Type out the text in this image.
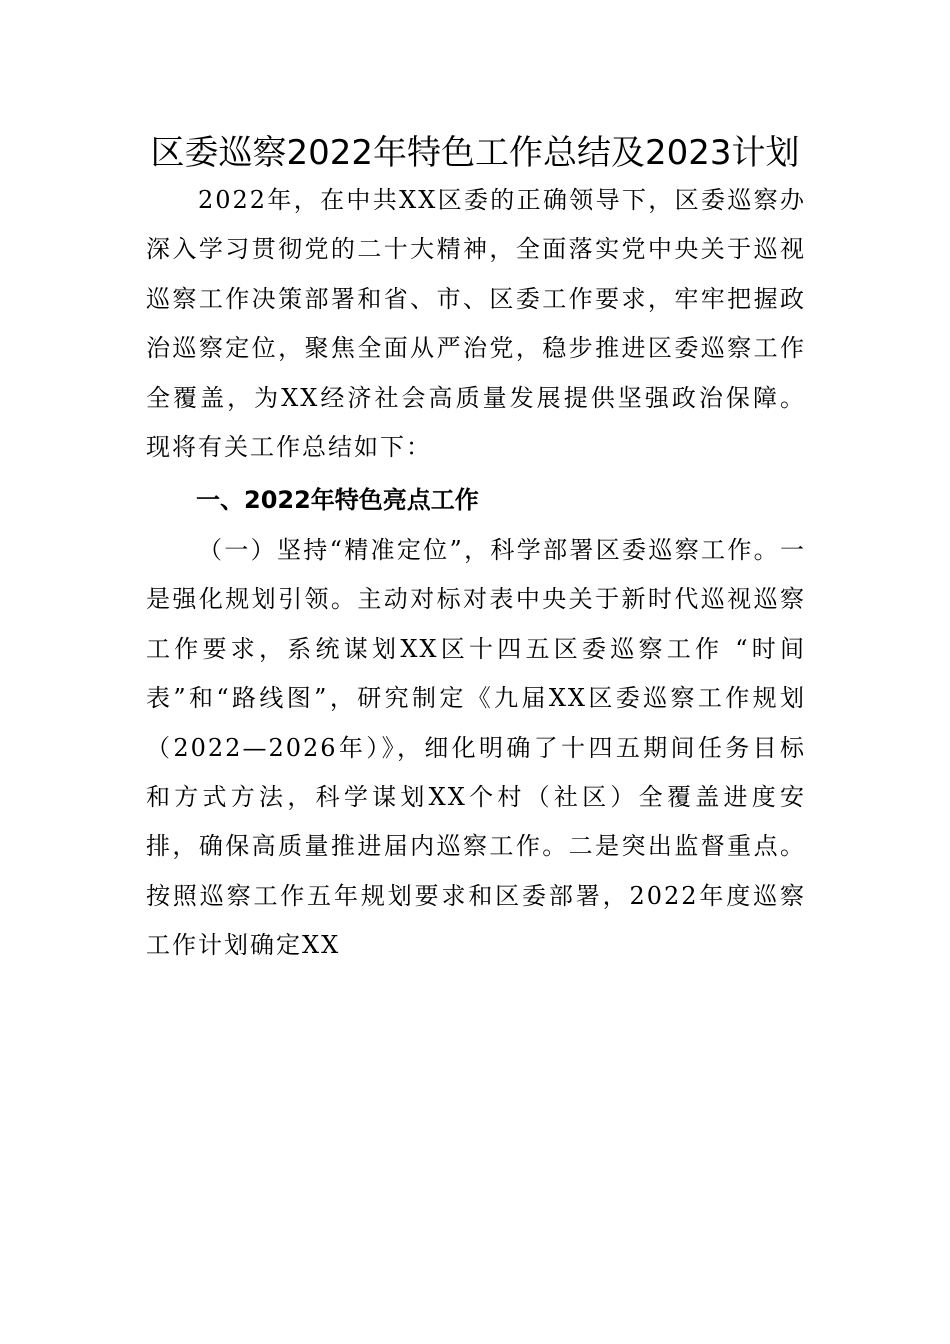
区委巡察2022年特色工作总结及2023计划

2022年，在中共XX区委的正确领导下，区委巡察办深入学习贯彻党的二十大精神，全面落实党中央关于巡视巡察工作决策部署和省、市、区委工作要求，牢牢把握政治巡察定位，聚焦全面从严治党，稳步推进区委巡察工作全覆盖，为XX经济社会高质量发展提供坚强政治保障。现将有关工作总结如下：

一、2022年特色亮点工作

（一）坚持“精准定位”，科学部署区委巡察工作。一是强化规划引领。主动对标对表中央关于新时代巡视巡察工作要求，系统谋划XX区十四五区委巡察工作 “时间表”和“路线图”，研究制定《九届XX区委巡察工作规划（2022—2026年）》，细化明确了十四五期间任务目标和方式方法，科学谋划XX个村（社区）全覆盖进度安排，确保高质量推进届内巡察工作。二是突出监督重点。按照巡察工作五年规划要求和区委部署，2022年度巡察工作计划确定XX
